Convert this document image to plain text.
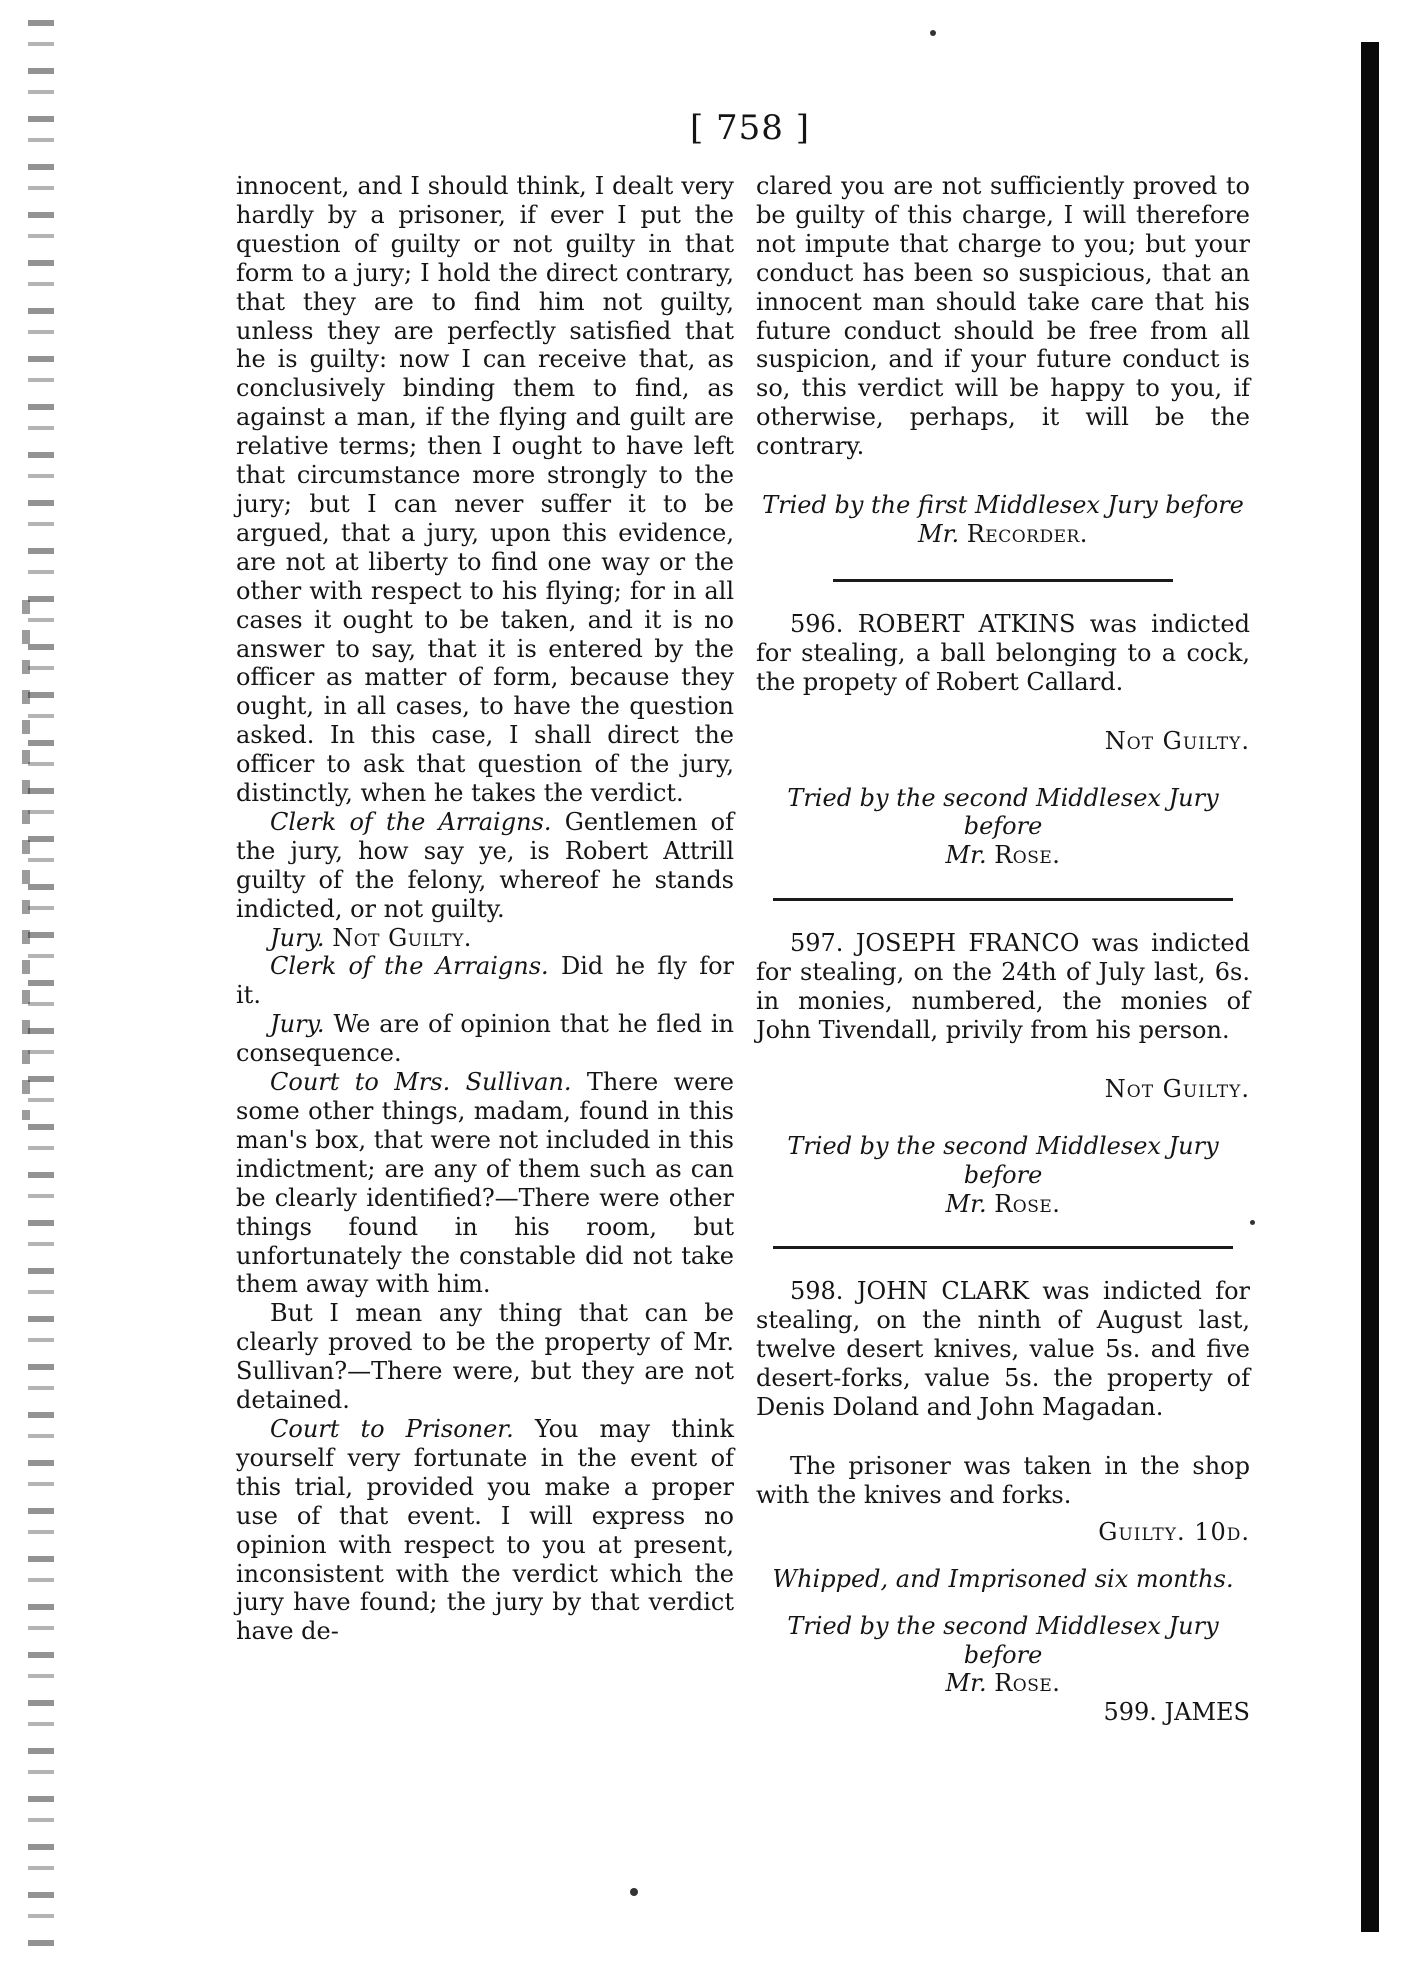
[ 758 ]

innocent, and I should think, I dealt very hardly by a prisoner, if ever I put the question of guilty or not guilty in that form to a jury; I hold the direct contrary, that they are to find him not guilty, unless they are perfectly satisfied that he is guilty: now I can receive that, as conclusively binding them to find, as against a man, if the flying and guilt are relative terms; then I ought to have left that circumstance more strongly to the jury; but I can never suffer it to be argued, that a jury, upon this evidence, are not at liberty to find one way or the other with respect to his flying; for in all cases it ought to be taken, and it is no answer to say, that it is entered by the officer as matter of form, because they ought, in all cases, to have the question asked. In this case, I shall direct the officer to ask that question of the jury, distinctly, when he takes the verdict.

Clerk of the Arraigns. Gentlemen of the jury, how say ye, is Robert Attrill guilty of the felony, whereof he stands indicted, or not guilty.

Jury. Not Guilty.

Clerk of the Arraigns. Did he fly for it.

Jury. We are of opinion that he fled in consequence.

Court to Mrs. Sullivan. There were some other things, madam, found in this man's box, that were not included in this indictment; are any of them such as can be clearly identified?—There were other things found in his room, but unfortunately the constable did not take them away with him.

But I mean any thing that can be clearly proved to be the property of Mr. Sullivan?—There were, but they are not detained.

Court to Prisoner. You may think yourself very fortunate in the event of this trial, provided you make a proper use of that event. I will express no opinion with respect to you at present, inconsistent with the verdict which the jury have found; the jury by that verdict have de-

clared you are not sufficiently proved to be guilty of this charge, I will therefore not impute that charge to you; but your conduct has been so suspicious, that an innocent man should take care that his future conduct should be free from all suspicion, and if your future conduct is so, this verdict will be happy to you, if otherwise, perhaps, it will be the contrary.

Tried by the first Middlesex Jury before
Mr. Recorder.

596. ROBERT ATKINS was indicted for stealing, a ball belonging to a cock, the propety of Robert Callard.

Not Guilty.

Tried by the second Middlesex Jury before
Mr. Rose.

597. JOSEPH FRANCO was indicted for stealing, on the 24th of July last, 6s. in monies, numbered, the monies of John Tivendall, privily from his person.

Not Guilty.

Tried by the second Middlesex Jury before
Mr. Rose.

598. JOHN CLARK was indicted for stealing, on the ninth of August last, twelve desert knives, value 5s. and five desert-forks, value 5s. the property of Denis Doland and John Magadan.

The prisoner was taken in the shop with the knives and forks.

Guilty. 10d.

Whipped, and Imprisoned six months.

Tried by the second Middlesex Jury before
Mr. Rose.

599. JAMES
